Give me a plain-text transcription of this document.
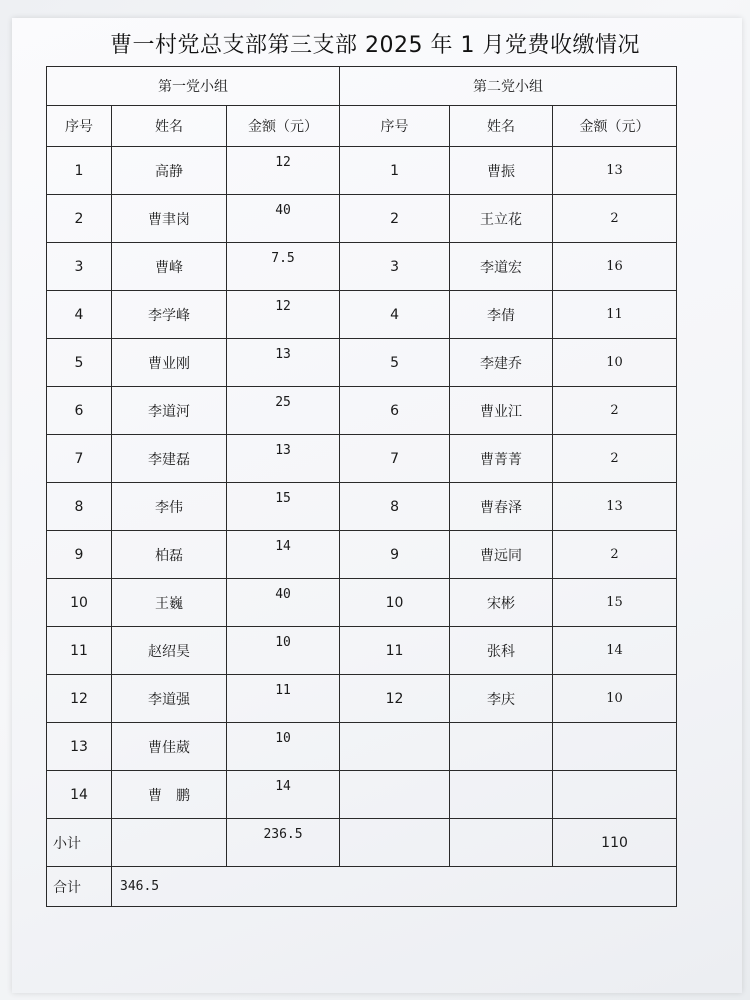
曹一村党总支部第三支部 2025 年 1 月党费收缴情况
第一党小组			第二党小组		
序号	姓名	金额（元）	序号	姓名	金额（元）
1	高静	12	1	曹振	13
2	曹聿岗	40	2	王立花	2
3	曹峰	7.5	3	李道宏	16
4	李学峰	12	4	李倩	11
5	曹业刚	13	5	李建乔	10
6	李道河	25	6	曹业江	2
7	李建磊	13	7	曹菁菁	2
8	李伟	15	8	曹春泽	13
9	柏磊	14	9	曹远同	2
10	王巍	40	10	宋彬	15
11	赵绍昊	10	11	张科	14
12	李道强	11	12	李庆	10
13	曹佳葳	10			
14	曹　鹏	14			
小计		236.5			110
合计	346.5				
